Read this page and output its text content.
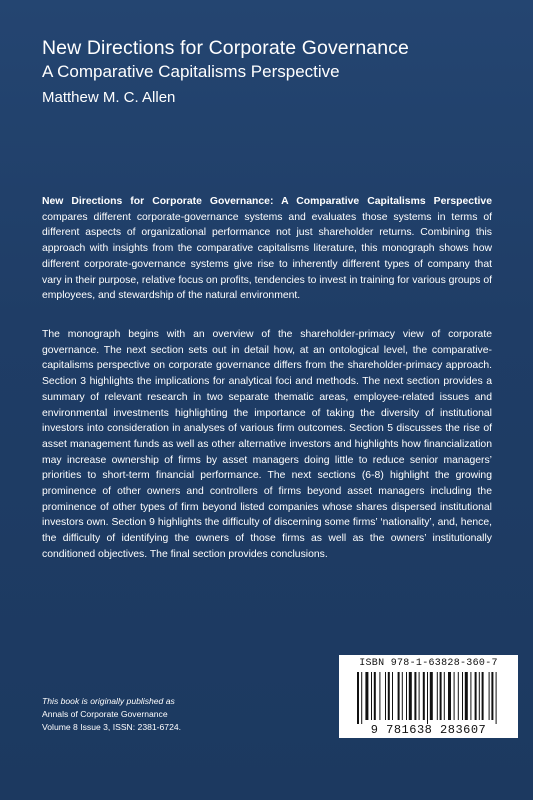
New Directions for Corporate Governance
A Comparative Capitalisms Perspective
Matthew M. C. Allen

New Directions for Corporate Governance: A Comparative Capitalisms Perspective compares different corporate-governance systems and evaluates those systems in terms of different aspects of organizational performance not just shareholder returns. Combining this approach with insights from the comparative capitalisms literature, this monograph shows how different corporate-governance systems give rise to inherently different types of company that vary in their purpose, relative focus on profits, tendencies to invest in training for various groups of employees, and stewardship of the natural environment.

The monograph begins with an overview of the shareholder-primacy view of corporate governance. The next section sets out in detail how, at an ontological level, the comparative-capitalisms perspective on corporate governance differs from the shareholder-primacy approach. Section 3 highlights the implications for analytical foci and methods. The next section provides a summary of relevant research in two separate thematic areas, employee-related issues and environmental investments highlighting the importance of taking the diversity of institutional investors into consideration in analyses of various firm outcomes. Section 5 discusses the rise of asset management funds as well as other alternative investors and highlights how financialization may increase ownership of firms by asset managers doing little to reduce senior managers’ priorities to short-term financial performance. The next sections (6-8) highlight the growing prominence of other owners and controllers of firms beyond asset managers including the prominence of other types of firm beyond listed companies whose shares dispersed institutional investors own. Section 9 highlights the difficulty of discerning some firms’ ‘nationality’, and, hence, the difficulty of identifying the owners of those firms as well as the owners’ institutionally conditioned objectives. The final section provides conclusions.

This book is originally published as
Annals of Corporate Governance
Volume 8 Issue 3, ISSN: 2381-6724.
ISBN 978-1-63828-360-7
9 781638 283607
